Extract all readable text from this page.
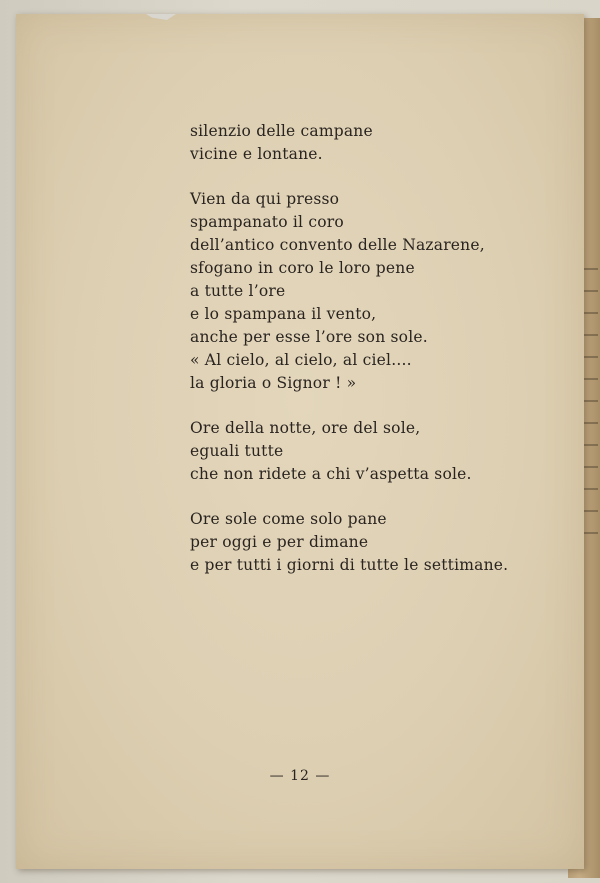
silenzio delle campane
vicine e lontane.
Vien da qui presso
spampanato il coro
dell’antico convento delle Nazarene,
sfogano in coro le loro pene
a tutte l’ore
e lo spampana il vento,
anche per esse l’ore son sole.
« Al cielo, al cielo, al ciel....
la gloria o Signor ! »
Ore della notte, ore del sole,
eguali tutte
che non ridete a chi v’aspetta sole.
Ore sole come solo pane
per oggi e per dimane
e per tutti i giorni di tutte le settimane.
— 12 —
